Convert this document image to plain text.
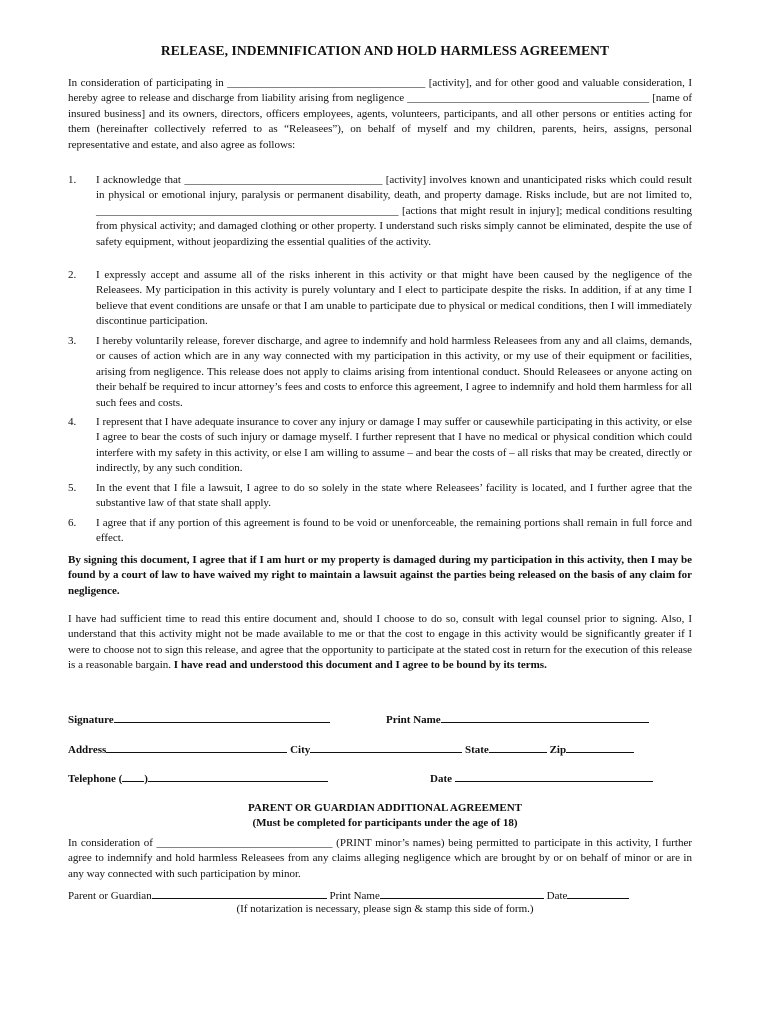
RELEASE, INDEMNIFICATION AND HOLD HARMLESS AGREEMENT
In consideration of participating in ____________________________________ [activity], and for other good and valuable consideration, I hereby agree to release and discharge from liability arising from negligence ____________________________________________ [name of insured business] and its owners, directors, officers employees, agents, volunteers, participants, and all other persons or entities acting for them (hereinafter collectively referred to as “Releasees”), on behalf of myself and my children, parents, heirs, assigns, personal representative and estate, and also agree as follows:
1.	I acknowledge that ____________________________________ [activity] involves known and unanticipated risks which could result in physical or emotional injury, paralysis or permanent disability, death, and property damage. Risks include, but are not limited to, _______________________________________________________ [actions that might result in injury]; medical conditions resulting from physical activity; and damaged clothing or other property. I understand such risks simply cannot be eliminated, despite the use of safety equipment, without jeopardizing the essential qualities of the activity.
2.	I expressly accept and assume all of the risks inherent in this activity or that might have been caused by the negligence of the Releasees. My participation in this activity is purely voluntary and I elect to participate despite the risks. In addition, if at any time I believe that event conditions are unsafe or that I am unable to participate due to physical or medical conditions, then I will immediately discontinue participation.
3.	I hereby voluntarily release, forever discharge, and agree to indemnify and hold harmless Releasees from any and all claims, demands, or causes of action which are in any way connected with my participation in this activity, or my use of their equipment or facilities, arising from negligence. This release does not apply to claims arising from intentional conduct. Should Releasees or anyone acting on their behalf be required to incur attorney’s fees and costs to enforce this agreement, I agree to indemnify and hold them harmless for all such fees and costs.
4.	I represent that I have adequate insurance to cover any injury or damage I may suffer or causewhile participating in this activity, or else I agree to bear the costs of such injury or damage myself. I further represent that I have no medical or physical condition which could interfere with my safety in this activity, or else I am willing to assume – and bear the costs of – all risks that may be created, directly or indirectly, by any such condition.
5.	In the event that I file a lawsuit, I agree to do so solely in the state where Releasees’ facility is located, and I further agree that the substantive law of that state shall apply.
6.	I agree that if any portion of this agreement is found to be void or unenforceable, the remaining portions shall remain in full force and effect.
By signing this document, I agree that if I am hurt or my property is damaged during my participation in this activity, then I may be found by a court of law to have waived my right to maintain a lawsuit against the parties being released on the basis of any claim for negligence.
I have had sufficient time to read this entire document and, should I choose to do so, consult with legal counsel prior to signing. Also, I understand that this activity might not be made available to me or that the cost to engage in this activity would be significantly greater if I were to choose not to sign this release, and agree that the opportunity to participate at the stated cost in return for the execution of this release is a reasonable bargain. I have read and understood this document and I agree to be bound by its terms.
Signature	Print Name
Address	City	State	Zip
Telephone ( )	Date
PARENT OR GUARDIAN ADDITIONAL AGREEMENT
(Must be completed for participants under the age of 18)
In consideration of ________________________________ (PRINT minor’s names) being permitted to participate in this activity, I further agree to indemnify and hold harmless Releasees from any claims alleging negligence which are brought by or on behalf of minor or are in any way connected with such participation by minor.
Parent or Guardian	Print Name	Date
(If notarization is necessary, please sign & stamp this side of form.)
